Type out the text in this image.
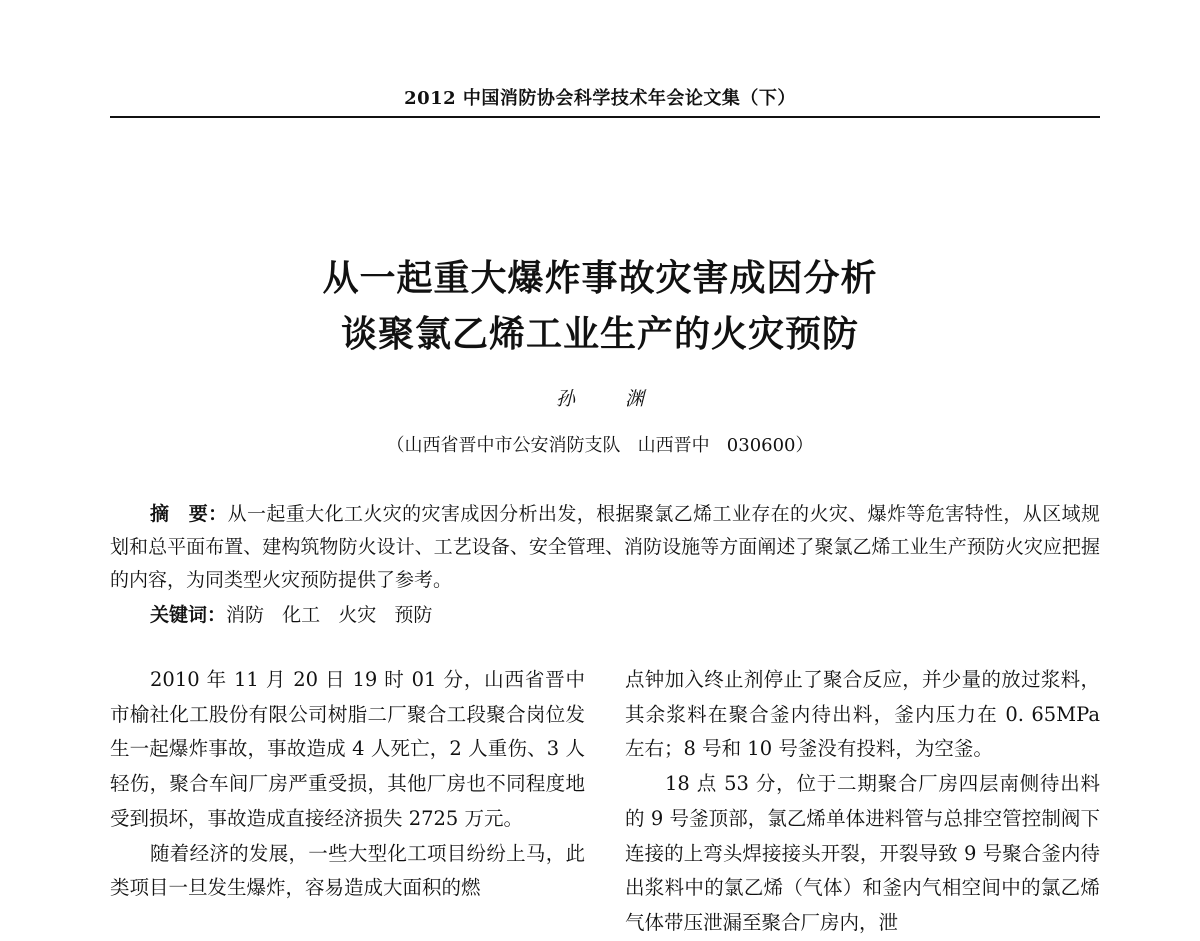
2012 中国消防协会科学技术年会论文集（下）
从一起重大爆炸事故灾害成因分析
谈聚氯乙烯工业生产的火灾预防
孙 渊
（山西省晋中市公安消防支队   山西晋中   030600）
摘　要：从一起重大化工火灾的灾害成因分析出发，根据聚氯乙烯工业存在的火灾、爆炸等危害特性，从区域规划和总平面布置、建构筑物防火设计、工艺设备、安全管理、消防设施等方面阐述了聚氯乙烯工业生产预防火灾应把握的内容，为同类型火灾预防提供了参考。
关键词：消防   化工   火灾   预防

2010 年 11 月 20 日 19 时 01 分，山西省晋中市榆社化工股份有限公司树脂二厂聚合工段聚合岗位发生一起爆炸事故，事故造成 4 人死亡，2 人重伤、3 人轻伤，聚合车间厂房严重受损，其他厂房也不同程度地受到损坏，事故造成直接经济损失 2725 万元。

随着经济的发展，一些大型化工项目纷纷上马，此类项目一旦发生爆炸，容易造成大面积的燃

点钟加入终止剂停止了聚合反应，并少量的放过浆料，其余浆料在聚合釜内待出料，釜内压力在 0. 65MPa 左右；8 号和 10 号釜没有投料，为空釜。

18 点 53 分，位于二期聚合厂房四层南侧待出料的 9 号釜顶部，氯乙烯单体进料管与总排空管控制阀下连接的上弯头焊接接头开裂，开裂导致 9 号聚合釜内待出浆料中的氯乙烯（气体）和釜内气相空间中的氯乙烯气体带压泄漏至聚合厂房内，泄
